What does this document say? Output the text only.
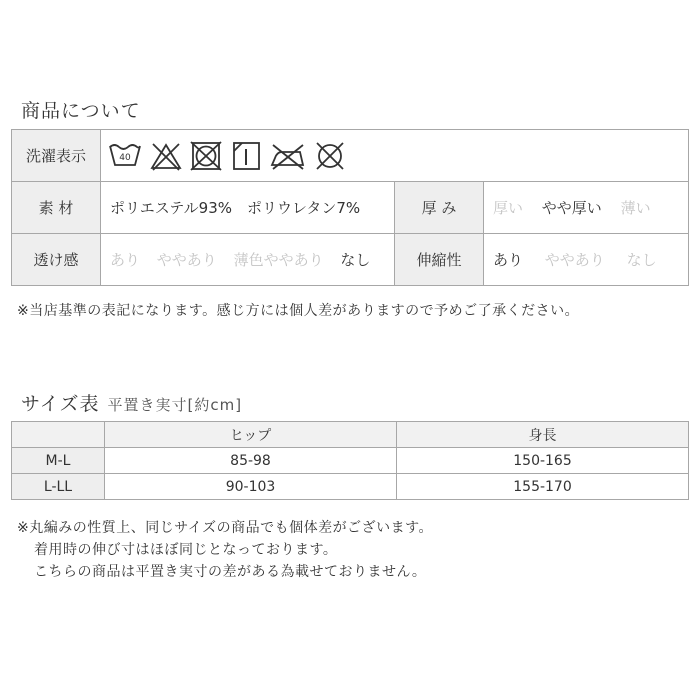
商品について
洗濯表示	40		

素 材	ポリエステル93%　ポリウレタン7%	厚 み	厚い やや厚い 薄い
透け感	あり ややあり 薄色ややあり なし	伸縮性	あり ややあり なし
※当店基準の表記になります。感じ方には個人差がありますので予めご了承ください。
サイズ表 平置き実寸[約cm]
	ヒップ	身長
M-L	85-98	150-165
L-LL	90-103	155-170
※丸編みの性質上、同じサイズの商品でも個体差がございます。
着用時の伸び寸はほぼ同じとなっております。
こちらの商品は平置き実寸の差がある為載せておりません。
